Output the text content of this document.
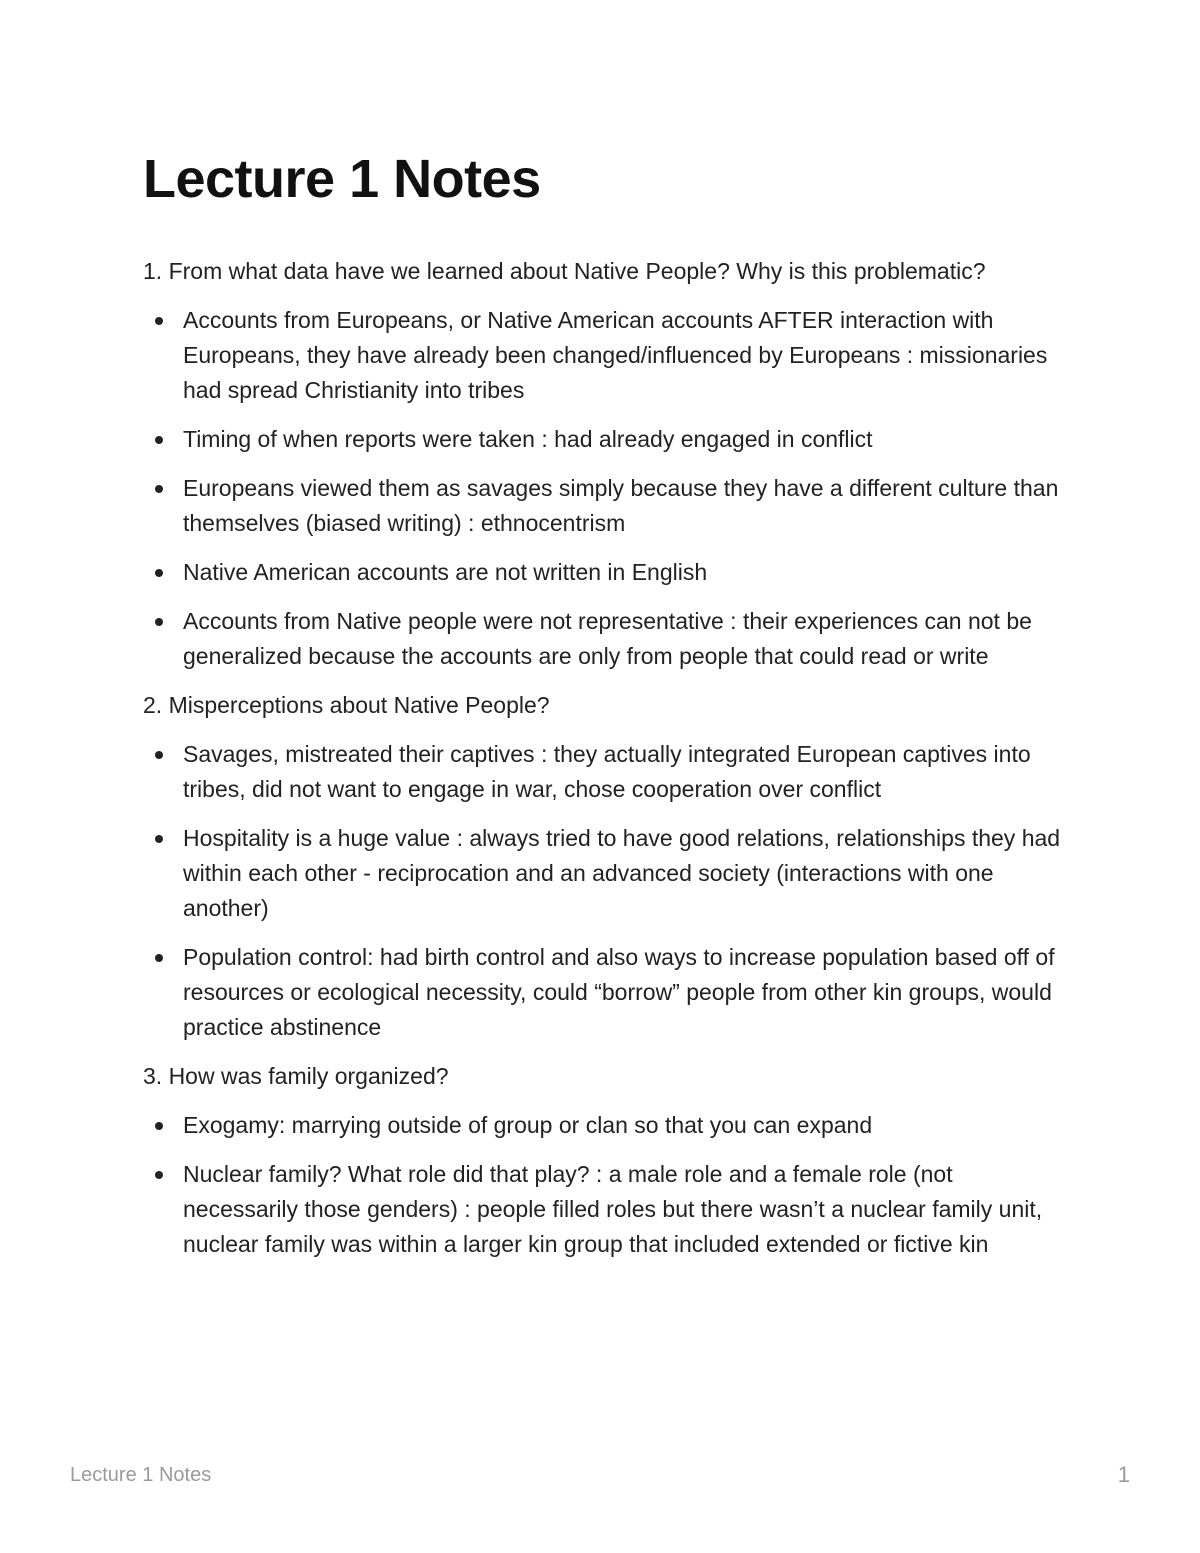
Lecture 1 Notes

1. From what data have we learned about Native People? Why is this problematic?

Accounts from Europeans, or Native American accounts AFTER interaction with Europeans, they have already been changed/influenced by Europeans : missionaries had spread Christianity into tribes
Timing of when reports were taken : had already engaged in conflict
Europeans viewed them as savages simply because they have a different culture than themselves (biased writing) : ethnocentrism
Native American accounts are not written in English
Accounts from Native people were not representative : their experiences can not be generalized because the accounts are only from people that could read or write

2. Misperceptions about Native People?

Savages, mistreated their captives : they actually integrated European captives into tribes, did not want to engage in war, chose cooperation over conflict
Hospitality is a huge value : always tried to have good relations, relationships they had within each other - reciprocation and an advanced society (interactions with one another)
Population control: had birth control and also ways to increase population based off of resources or ecological necessity, could “borrow” people from other kin groups, would practice abstinence

3. How was family organized?

Exogamy: marrying outside of group or clan so that you can expand
Nuclear family? What role did that play? : a male role and a female role (not necessarily those genders) : people filled roles but there wasn’t a nuclear family unit, nuclear family was within a larger kin group that included extended or fictive kin
Lecture 1 Notes	1
